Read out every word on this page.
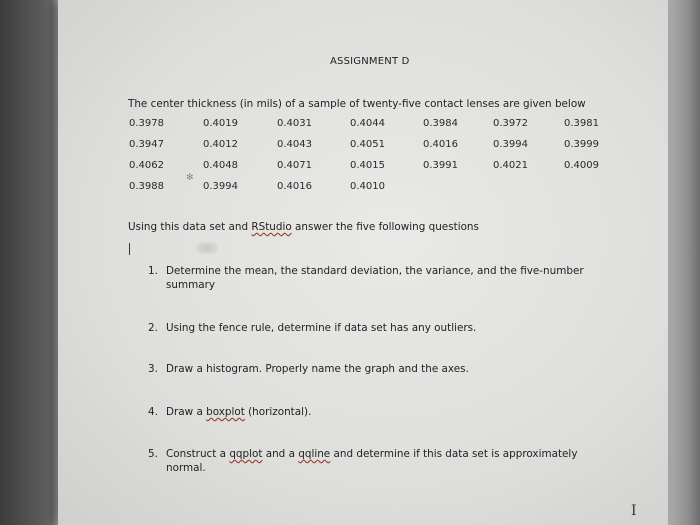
ASSIGNMENT D
The center thickness (in mils) of a sample of twenty-five contact lenses are given below
0.3978	0.4019	0.4031	0.4044	0.3984	0.3972	0.3981
0.3947	0.4012	0.4043	0.4051	0.4016	0.3994	0.3999
0.4062	0.4048	0.4071	0.4015	0.3991	0.4021	0.4009
0.3988	0.3994	0.4016	0.4010
✻
Using this data set and RStudio answer the five following questions
1. Determine the mean, the standard deviation, the variance, and the five-number summary
2. Using the fence rule, determine if data set has any outliers.
3. Draw a histogram. Properly name the graph and the axes.
4. Draw a boxplot (horizontal).
5. Construct a qqplot and a qqline and determine if this data set is approximately normal.
I
